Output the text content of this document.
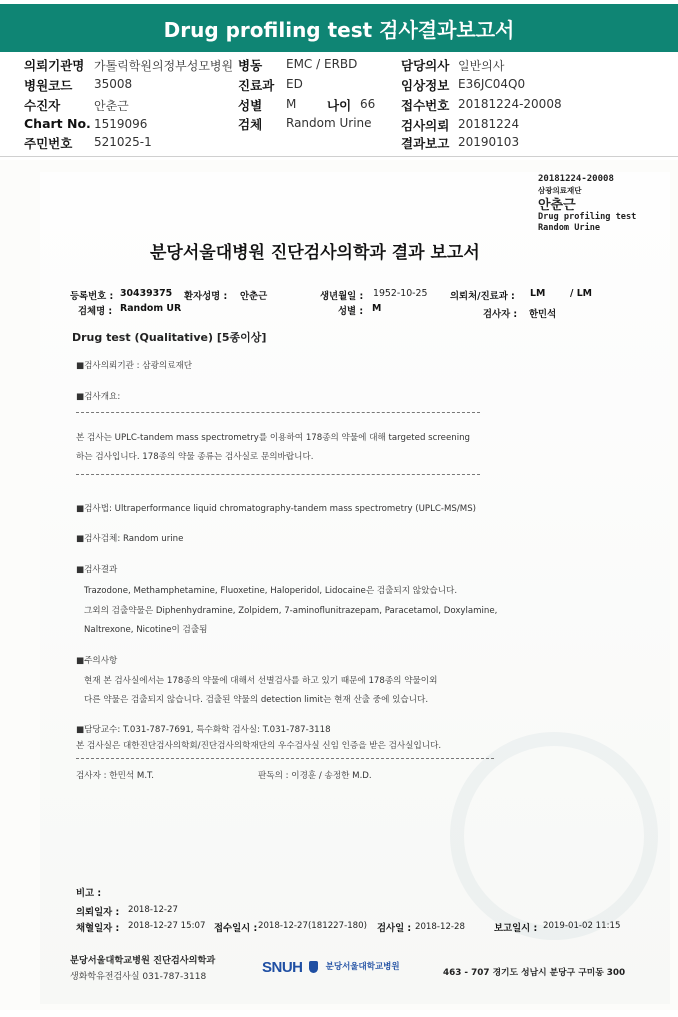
Drug profiling test 검사결과보고서
의뢰기관명 가톨릭학원의정부성모병원
병원코드 35008
수진자	안춘근
Chart No. 1519096
주민번호 521025-1
병동 EMC / ERBD
진료과 ED
성별 M 나이 66
검체 Random Urine
담당의사 일반의사
임상정보 E36JC04Q0
접수번호 20181224-20008
검사의뢰 20181224
결과보고 20190103
20181224-20008
삼광의료재단
안춘근
Drug profiling test
Random Urine
분당서울대병원 진단검사의학과 결과 보고서
등록번호 : 30439375 환자성명 : 안춘근	생년월일 : 1952-10-25 의뢰처/진료과 : LM	/ LM
검체명 : Random UR	성별 : M
검사자 : 한민석
Drug test (Qualitative) [5종이상]
■검사의뢰기관 : 삼광의료재단
■검사개요:
본 검사는 UPLC-tandem mass spectrometry를 이용하여 178종의 약물에 대해 targeted screening
하는 검사입니다. 178종의 약물 종류는 검사실로 문의바랍니다.
■검사법: Ultraperformance liquid chromatography-tandem mass spectrometry (UPLC-MS/MS)
■검사검체: Random urine
■검사결과
Trazodone, Methamphetamine, Fluoxetine, Haloperidol, Lidocaine은 검출되지 않았습니다.
그외의 검출약물은 Diphenhydramine, Zolpidem, 7-aminoflunitrazepam, Paracetamol, Doxylamine,
Naltrexone, Nicotine이 검출됨
■주의사항
현재 본 검사실에서는 178종의 약물에 대해서 선별검사를 하고 있기 때문에 178종의 약물이외
다른 약물은 검출되지 않습니다. 검출된 약물의 detection limit는 현재 산출 중에 있습니다.
■담당교수: T.031-787-7691, 특수화학 검사실: T.031-787-3118
본 검사실은 대한진단검사의학회/진단검사의학재단의 우수검사실 신임 인증을 받은 검사실입니다.
검사자 : 한민석 M.T.	판독의 : 이경훈 / 송정한 M.D.
비고 :
의뢰일자 : 2018-12-27
채혈일자 : 2018-12-27 15:07 접수일시 : 2018-12-27(181227-180) 검사일 : 2018-12-28	보고일시 : 2019-01-02 11:15
분당서울대학교병원 진단검사의학과
생화학유전검사실 031-787-3118
SNUH	분당서울대학교병원
463 - 707 경기도 성남시 분당구 구미동 300
